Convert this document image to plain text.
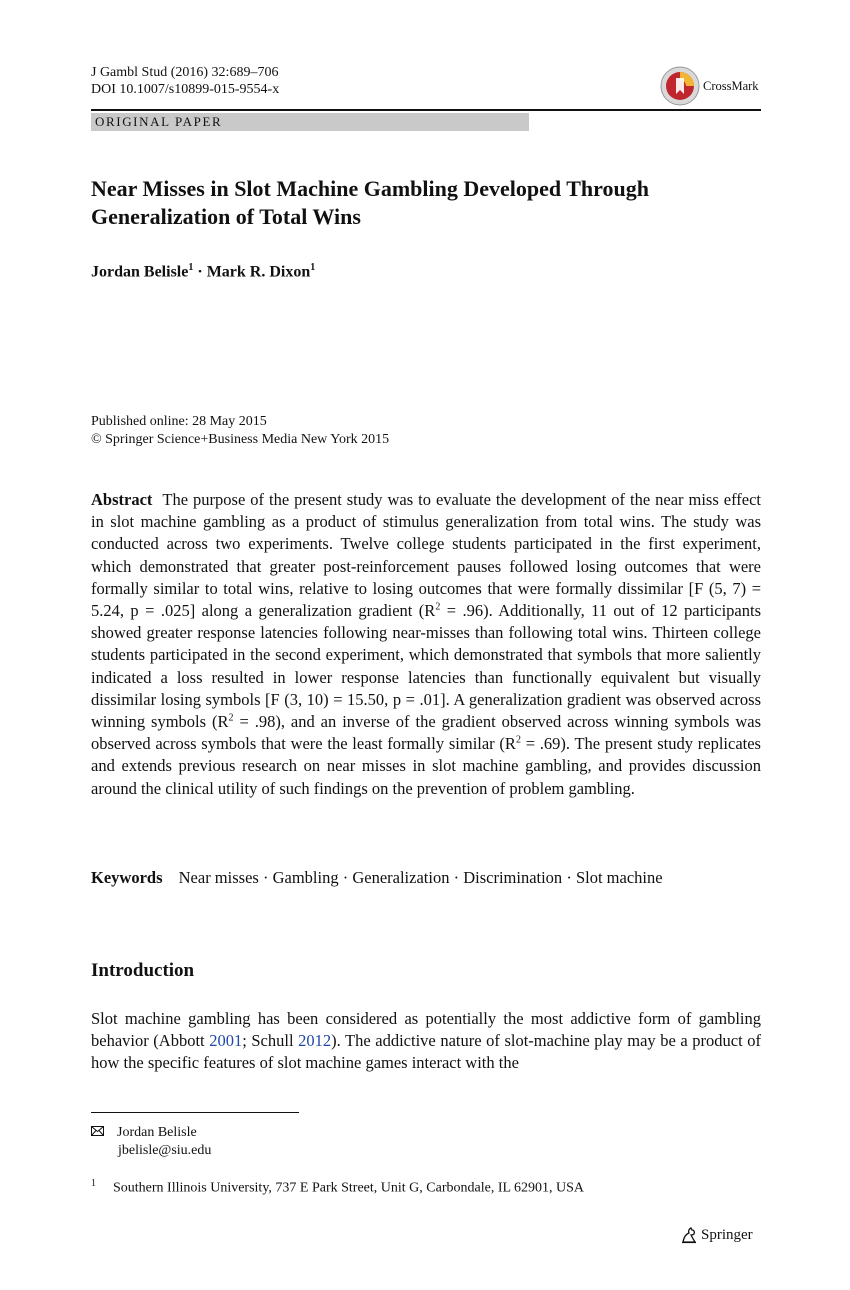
J Gambl Stud (2016) 32:689–706
DOI 10.1007/s10899-015-9554-x	CrossMark
ORIGINAL PAPER
Near Misses in Slot Machine Gambling Developed Through Generalization of Total Wins
Jordan Belisle$^1$ · Mark R. Dixon$^1$
Published online: 28 May 2015
© Springer Science+Business Media New York 2015

Abstract The purpose of the present study was to evaluate the development of the near miss effect in slot machine gambling as a product of stimulus generalization from total wins. The study was conducted across two experiments. Twelve college students participated in the first experiment, which demonstrated that greater post-reinforcement pauses followed losing outcomes that were formally similar to total wins, relative to losing outcomes that were formally dissimilar [F (5, 7) = 5.24, p = .025] along a generalization gradient $(R^2 = .96)$. Additionally, 11 out of 12 participants showed greater response latencies following near-misses than following total wins. Thirteen college students participated in the second experiment, which demonstrated that symbols that more saliently indicated a loss resulted in lower response latencies than functionally equivalent but visually dissimilar losing symbols [F (3, 10) = 15.50, p = .01]. A generalization gradient was observed across winning symbols $(R^2 = .98)$, and an inverse of the gradient observed across winning symbols was observed across symbols that were the least formally similar $(R^2 = .69)$. The present study replicates and extends previous research on near misses in slot machine gambling, and provides discussion around the clinical utility of such findings on the prevention of problem gambling.

Keywords Near misses · Gambling · Generalization · Discrimination · Slot machine
Introduction

Slot machine gambling has been considered as potentially the most addictive form of gambling behavior (Abbott 2001; Schull 2012). The addictive nature of slot-machine play may be a product of how the specific features of slot machine games interact with the

Jordan Belisle
jbelisle@siu.edu
$^1$ Southern Illinois University, 737 E Park Street, Unit G, Carbondale, IL 62901, USA
Springer
